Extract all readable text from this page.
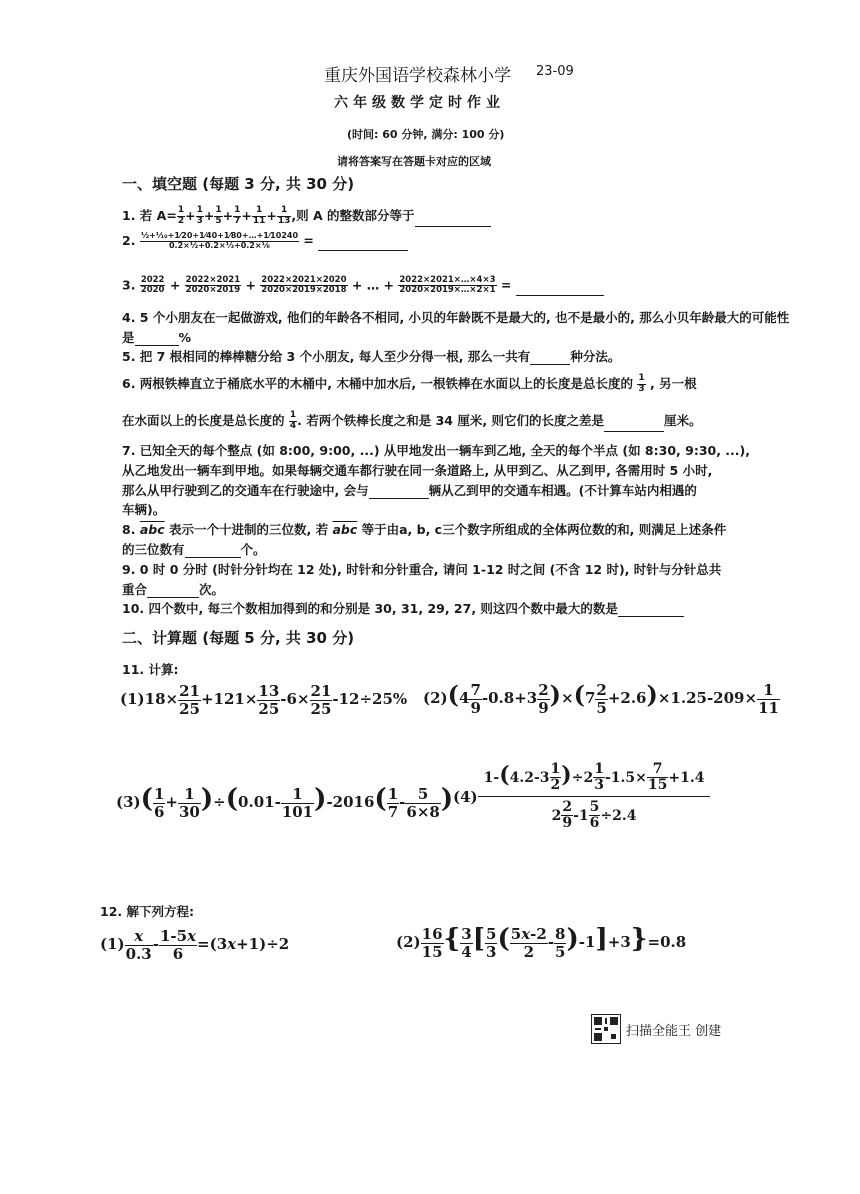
重庆外国语学校森林小学 23-09
六年级数学定时作业
(时间: 60 分钟, 满分: 100 分)
请将答案写在答题卡对应的区域
一、填空题 (每题 3 分, 共 30 分)
1. 若 $A= \frac{1}{2} + \frac{1}{3} + \frac{1}{5} + \frac{1}{7} + \frac{1}{11} + \frac{1}{13}$ ,则 A 的整数部分等于
2. $\frac{\text{½+⅒+1⁄20+1⁄40+1⁄80+…+1⁄10240}}{\text{0.2×½+0.2×⅓+0.2×⅙}}$ =
3. $\frac{2022}{2020} + \frac{2022\times 2021}{2020\times 2019} + \frac{2022\times 2021\times 2020}{2020\times 2019\times 2018}$ + … + $\frac{2022\times 2021\times\dots\times 4\times 3}{2020\times 2019\times\dots\times 2\times 1}$ =
4. 5 个小朋友在一起做游戏, 他们的年龄各不相同, 小贝的年龄既不是最大的, 也不是最小的, 那么小贝年龄最大的可能性
是	%
5. 把 7 根相同的棒棒糖分给 3 个小朋友, 每人至少分得一根, 那么一共有	种分法。
6. 两根铁棒直立于桶底水平的木桶中, 木桶中加水后, 一根铁棒在水面以上的长度是总长度的 $\frac{1}{3}$ , 另一根
在水面以上的长度是总长度的 $\frac{1}{4}$ . 若两个铁棒长度之和是 34 厘米, 则它们的长度之差是	厘米。
7. 已知全天的每个整点 (如 8:00, 9:00, ...) 从甲地发出一辆车到乙地, 全天的每个半点 (如 8:30, 9:30, ...),
从乙地发出一辆车到甲地。如果每辆交通车都行驶在同一条道路上, 从甲到乙、从乙到甲, 各需用时 5 小时,
那么从甲行驶到乙的交通车在行驶途中, 会与	辆从乙到甲的交通车相遇。(不计算车站内相遇的
车辆)。
8. $\overline{abc}$ 表示一个十进制的三位数, 若 $\overline{abc}$ 等于由a, b, c三个数字所组成的全体两位数的和, 则满足上述条件
的三位数有	个。
9. 0 时 0 分时 (时针分针均在 12 处), 时针和分针重合, 请问 1-12 时之间 (不含 12 时), 时针与分针总共
重合	次。
10. 四个数中, 每三个数相加得到的和分别是 30, 31, 29, 27, 则这四个数中最大的数是
二、计算题 (每题 5 分, 共 30 分)
11. 计算:
$(1)18\times \frac{21}{25} +121\times \frac{13}{25} -6\times \frac{21}{25} -12\div 25\%$ $(2)(4 \frac{7}{9} -0.8+3 \frac{2}{9} )\times(7 \frac{2}{5} +2.6)\times 1.25-209\times \frac{1}{11}$
$(3)( \frac{1}{6} + \frac{1}{30} )\div(0.01- \frac{1}{101} )-2016( \frac{1}{7} - \frac{5}{6\times 8}$ ) $(4) \frac{1-(4.2-3 \frac{1}{2} )\div 2 \frac{1}{3} -1.5\times \frac{7}{15} +1.4}{2 \frac{2}{9} -1 \frac{5}{6} \div 2.4}$
12. 解下列方程:
$(1) \frac{x}{0.3} - \frac{1-5x}{6} =(3x+1)\div 2$	$(2) \frac{16}{15}$ { $\frac{3}{4}$ [ $\frac{5}{3}$ ( $\frac{5x-2}{2} - \frac{8}{5} )-1]+3\}=0.8$
扫描全能王 创建
